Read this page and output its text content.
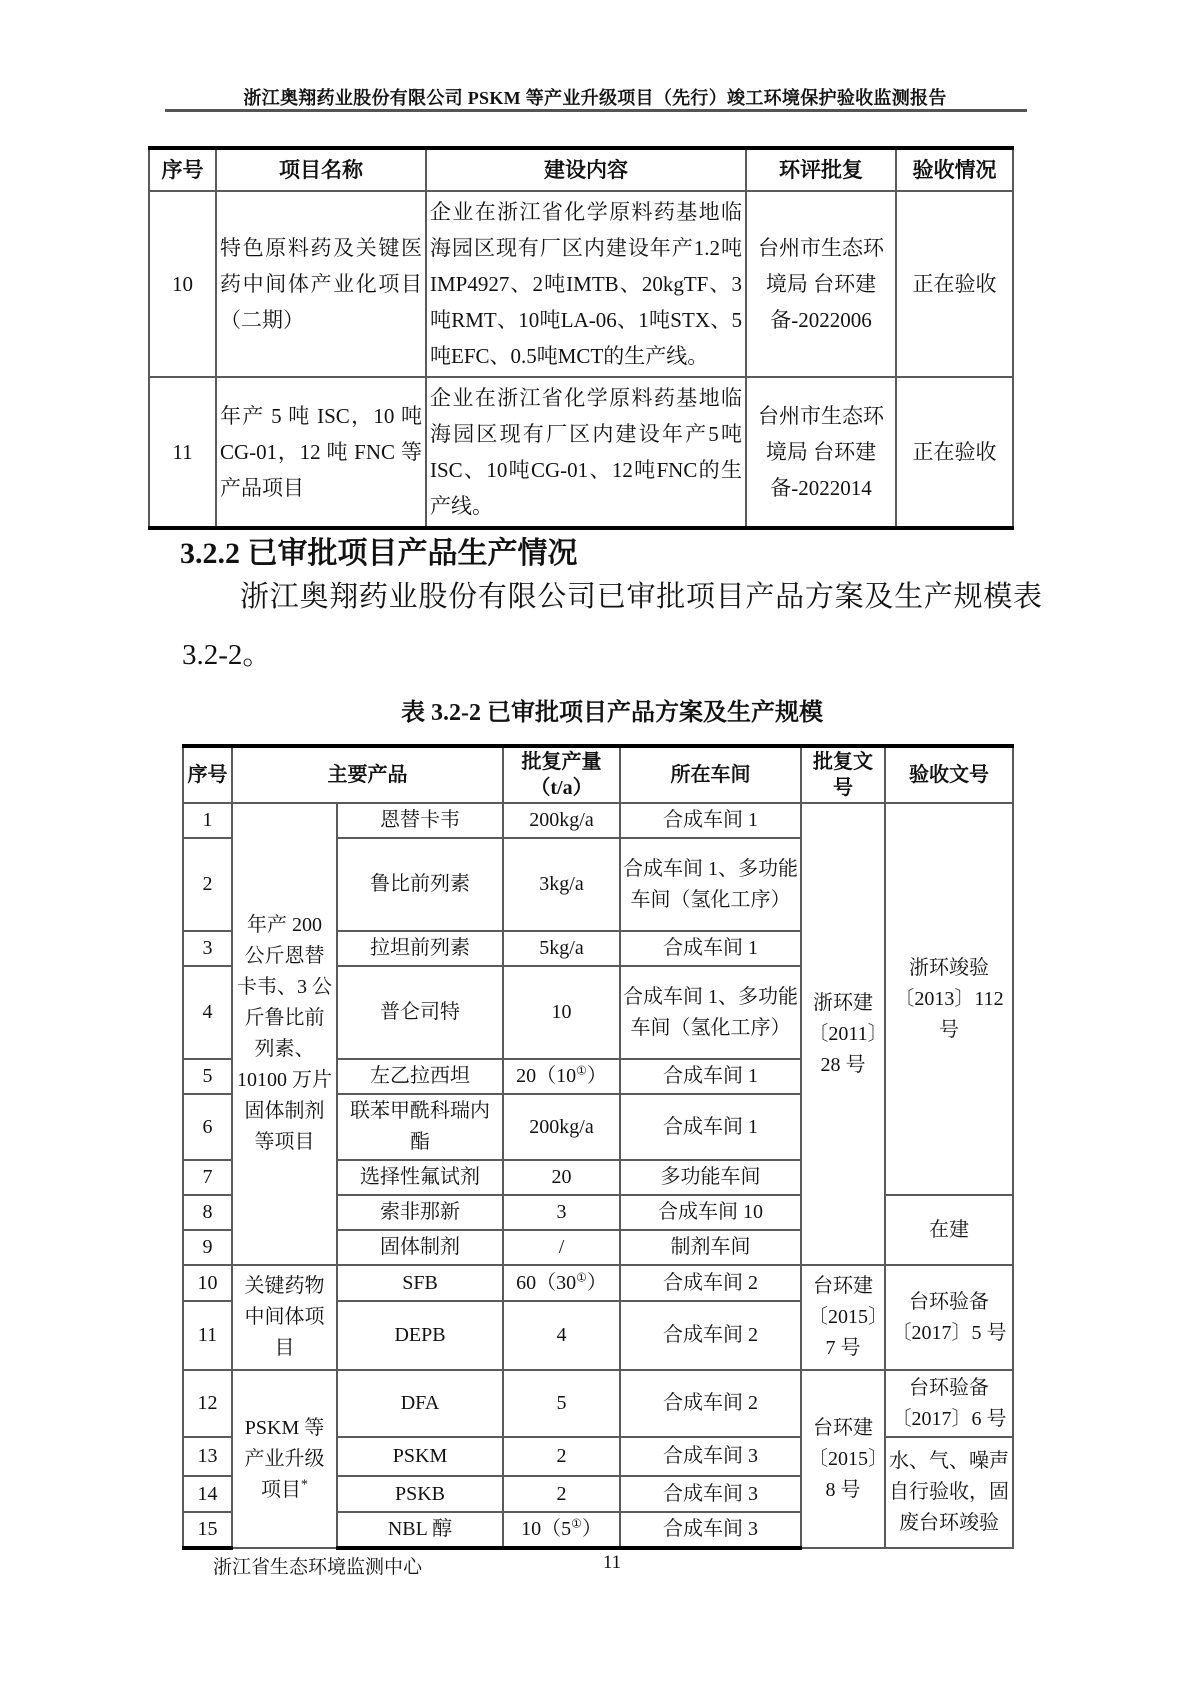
浙江奥翔药业股份有限公司 PSKM 等产业升级项目（先行）竣工环境保护验收监测报告
序号	项目名称	建设内容	环评批复	验收情况
10	特色原料药及关键医药中间体产业化项目（二期）	企业在浙江省化学原料药基地临海园区现有厂区内建设年产1.2吨IMP4927、2吨IMTB、20kgTF、3吨RMT、10吨LA-06、1吨STX、5吨EFC、0.5吨MCT的生产线。	台州市生态环境局 台环建备-2022006	正在验收
11	年产 5 吨 ISC，10 吨 CG-01，12 吨 FNC 等产品项目	企业在浙江省化学原料药基地临海园区现有厂区内建设年产5吨ISC、10吨CG-01、12吨FNC的生产线。	台州市生态环境局 台环建备-2022014	正在验收
3.2.2 已审批项目产品生产情况

浙江奥翔药业股份有限公司已审批项目产品方案及生产规模表 3.2-2。

表 3.2-2 已审批项目产品方案及生产规模
序号	主要产品		批复产量（t/a）	所在车间	批复文号	验收文号
1	年产 200 公斤恩替卡韦、3 公斤鲁比前列素、10100 万片固体制剂等项目	恩替卡韦	200kg/a	合成车间 1	浙环建〔2011〕28 号	浙环竣验〔2013〕112 号
2		鲁比前列素	3kg/a	合成车间 1、多功能车间（氢化工序）		
3		拉坦前列素	5kg/a	合成车间 1		
4		普仑司特	10	合成车间 1、多功能车间（氢化工序）		
5		左乙拉西坦	20（10①）	合成车间 1		
6		联苯甲酰科瑞内酯	200kg/a	合成车间 1		
7		选择性氟试剂	20	多功能车间		
8		索非那新	3	合成车间 10		在建
9		固体制剂	/	制剂车间		
10	关键药物中间体项目	SFB	60（30①）	合成车间 2	台环建〔2015〕7 号	台环验备〔2017〕5 号
11		DEPB	4	合成车间 2		
12	PSKM 等产业升级项目*	DFA	5	合成车间 2	台环建〔2015〕8 号	台环验备〔2017〕6 号
13		PSKM	2	合成车间 3		水、气、噪声自行验收，固废台环竣验
14		PSKB	2	合成车间 3		
15		NBL 醇	10（5①）	合成车间 3		
浙江省生态环境监测中心	11
